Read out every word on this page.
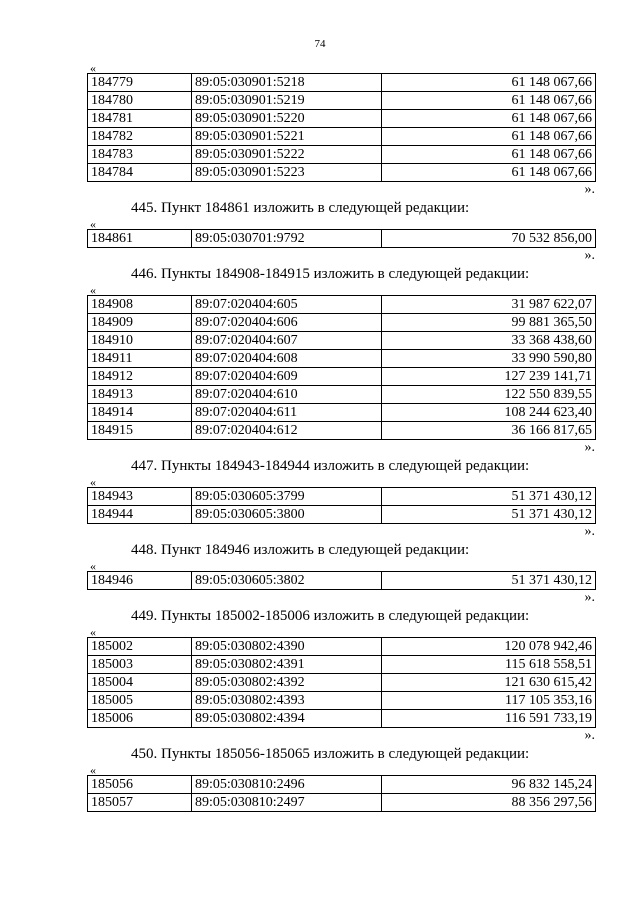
74
«
184779	89:05:030901:5218	61 148 067,66
184780	89:05:030901:5219	61 148 067,66
184781	89:05:030901:5220	61 148 067,66
184782	89:05:030901:5221	61 148 067,66
184783	89:05:030901:5222	61 148 067,66
184784	89:05:030901:5223	61 148 067,66
».
445. Пункт 184861 изложить в следующей редакции:
«
184861	89:05:030701:9792	70 532 856,00
».
446. Пункты 184908-184915 изложить в следующей редакции:
«
184908	89:07:020404:605	31 987 622,07
184909	89:07:020404:606	99 881 365,50
184910	89:07:020404:607	33 368 438,60
184911	89:07:020404:608	33 990 590,80
184912	89:07:020404:609	127 239 141,71
184913	89:07:020404:610	122 550 839,55
184914	89:07:020404:611	108 244 623,40
184915	89:07:020404:612	36 166 817,65
».
447. Пункты 184943-184944 изложить в следующей редакции:
«
184943	89:05:030605:3799	51 371 430,12
184944	89:05:030605:3800	51 371 430,12
».
448. Пункт 184946 изложить в следующей редакции:
«
184946	89:05:030605:3802	51 371 430,12
».
449. Пункты 185002-185006 изложить в следующей редакции:
«
185002	89:05:030802:4390	120 078 942,46
185003	89:05:030802:4391	115 618 558,51
185004	89:05:030802:4392	121 630 615,42
185005	89:05:030802:4393	117 105 353,16
185006	89:05:030802:4394	116 591 733,19
».
450. Пункты 185056-185065 изложить в следующей редакции:
«
185056	89:05:030810:2496	96 832 145,24
185057	89:05:030810:2497	88 356 297,56
